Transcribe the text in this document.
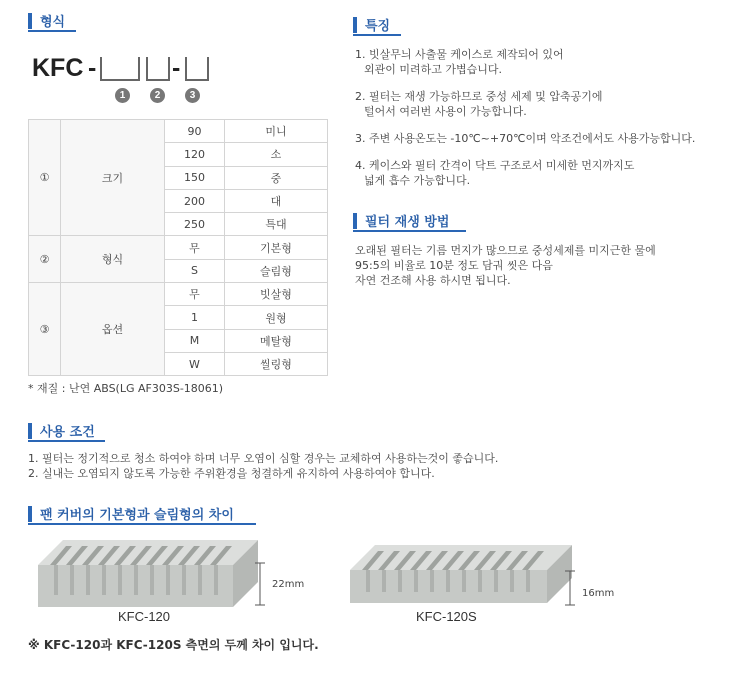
형식
KFC -	-
1	2	3
①	크기	90	미니
		120	소
		150	중
		200	대
		250	특대
②	형식	무	기본형
		S	슬림형
③	옵션	무	빗살형
		1	원형
		M	메탈형
		W	씰링형
* 재질 : 난연 ABS(LG AF303S-18061)
특징

1. 빗살무늬 사출물 케이스로 제작되어 있어

외관이 미려하고 가볍습니다.

2. 필터는 재생 가능하므로 중성 세제 및 압축공기에

털어서 여러번 사용이 가능합니다.

3. 주변 사용온도는 -10℃~+70℃이며 악조건에서도 사용가능합니다.

4. 케이스와 필터 간격이 닥트 구조로서 미세한 먼지까지도

넓게 흡수 가능합니다.

필터 재생 방법

오래된 필터는 기름 먼지가 많으므로 중성세제를 미지근한 물에

95:5의 비율로 10분 정도 담궈 씻은 다음

자연 건조해 사용 하시면 됩니다.

사용 조건

1. 필터는 정기적으로 청소 하여야 하며 너무 오염이 심할 경우는 교체하여 사용하는것이 좋습니다.

2. 실내는 오염되지 않도록 가능한 주위환경을 청결하게 유지하여 사용하여야 합니다.

팬 커버의 기본형과 슬림형의 차이
22mm
KFC-120
16mm
KFC-120S
※ KFC-120과 KFC-120S 측면의 두께 차이 입니다.
